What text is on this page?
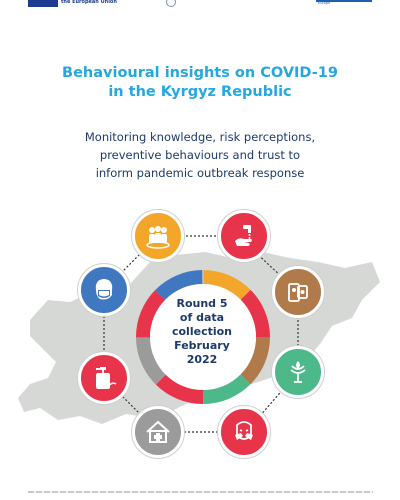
the European Union	Europe
Behavioural insights on COVID-19
in the Kyrgyz Republic
Monitoring knowledge, risk perceptions,
preventive behaviours and trust to
inform pandemic outbreak response
Round 5
of data
collection
February
2022
